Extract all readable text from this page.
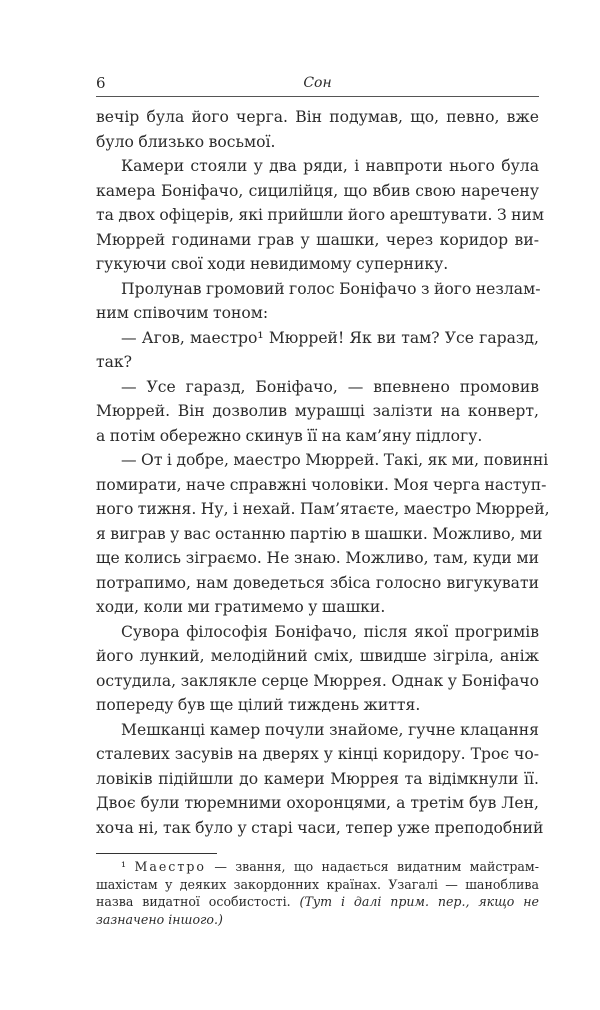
6	Сон
вечір була його черга. Він подумав, що, певно, вже
було близько восьмої.
Камери стояли у два ряди, і навпроти нього була
камера Боніфачо, сицилійця, що вбив свою наречену
та двох офіцерів, які прийшли його арештувати. З ним
Мюррей годинами грав у шашки, через коридор ви-
гукуючи свої ходи невидимому супернику.
Пролунав громовий голос Боніфачо з його незлам-
ним співочим тоном:
— Агов, маестро¹ Мюррей! Як ви там? Усе гаразд,
так?
— Усе гаразд, Боніфачо, — впевнено промовив
Мюррей. Він дозволив мурашці залізти на конверт,
а потім обережно скинув її на кам’яну підлогу.
— От і добре, маестро Мюррей. Такі, як ми, повинні
помирати, наче справжні чоловіки. Моя черга наступ-
ного тижня. Ну, і нехай. Пам’ятаєте, маестро Мюррей,
я виграв у вас останню партію в шашки. Можливо, ми
ще колись зіграємо. Не знаю. Можливо, там, куди ми
потрапимо, нам доведеться збіса голосно вигукувати
ходи, коли ми гратимемо у шашки.
Сувора філософія Боніфачо, після якої прогримів
його лункий, мелодійний сміх, швидше зігріла, аніж
остудила, заклякле серце Мюррея. Однак у Боніфачо
попереду був ще цілий тиждень життя.
Мешканці камер почули знайоме, гучне клацання
сталевих засувів на дверях у кінці коридору. Троє чо-
ловіків підійшли до камери Мюррея та відімкнули її.
Двоє були тюремними охоронцями, а третім був Лен,
хоча ні, так було у старі часи, тепер уже преподобний
¹ Маестро — звання, що надається видатним майстрам-
шахістам у деяких закордонних країнах. Узагалі — шаноблива
назва видатної особистості. (Тут і далі прим. пер., якщо не
зазначено іншого.)
